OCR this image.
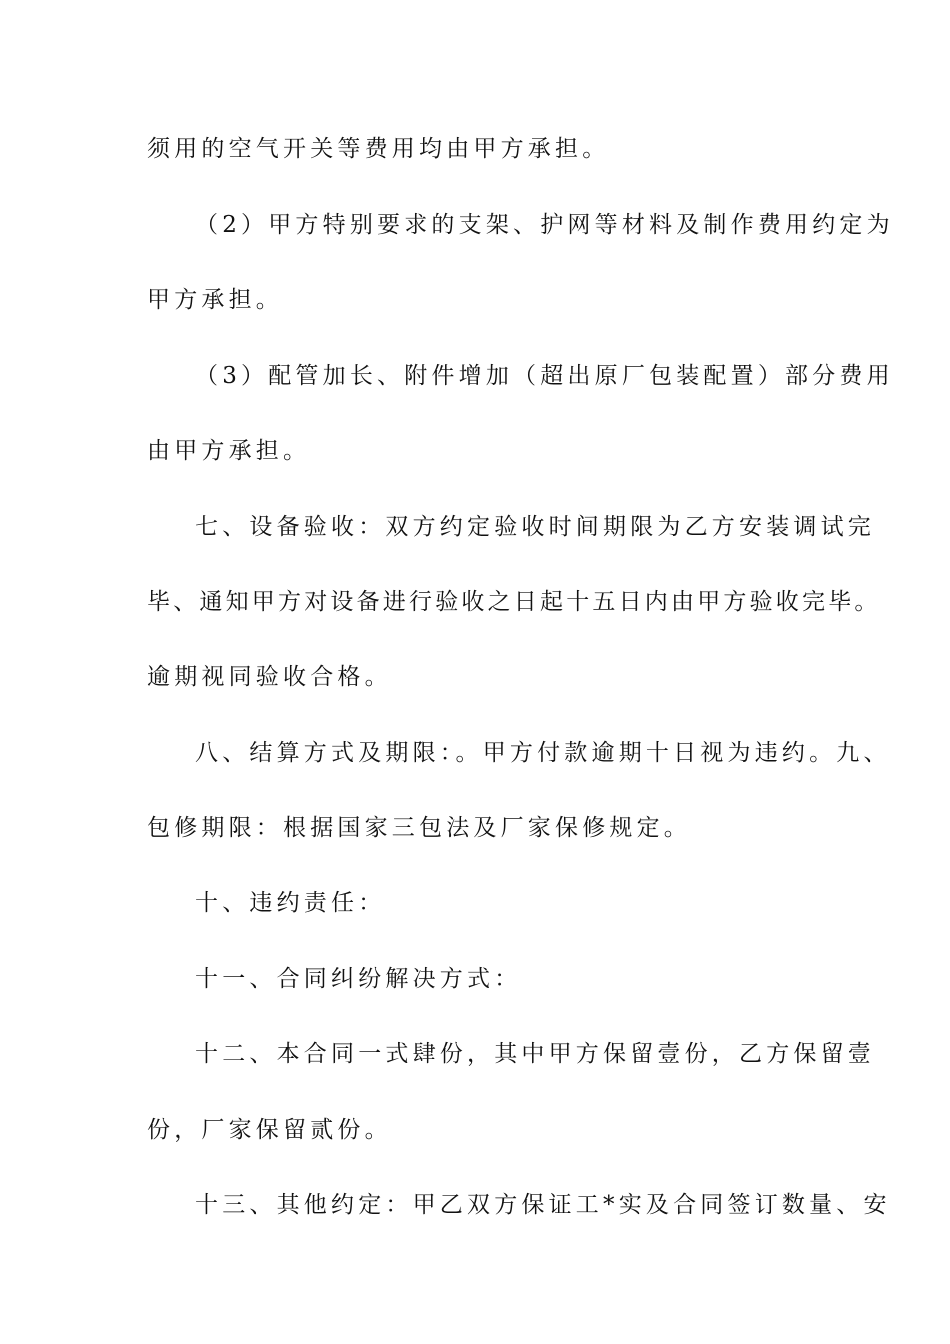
须用的空气开关等费用均由甲方承担。
（2）甲方特别要求的支架、护网等材料及制作费用约定为
甲方承担。
（3）配管加长、附件增加（超出原厂包装配置）部分费用
由甲方承担。
七、设备验收：双方约定验收时间期限为乙方安装调试完
毕、通知甲方对设备进行验收之日起十五日内由甲方验收完毕。
逾期视同验收合格。
八、结算方式及期限：。甲方付款逾期十日视为违约。九、
包修期限：根据国家三包法及厂家保修规定。
十、违约责任：
十一、合同纠纷解决方式：
十二、本合同一式肆份，其中甲方保留壹份，乙方保留壹
份，厂家保留贰份。
十三、其他约定：甲乙双方保证工*实及合同签订数量、安
